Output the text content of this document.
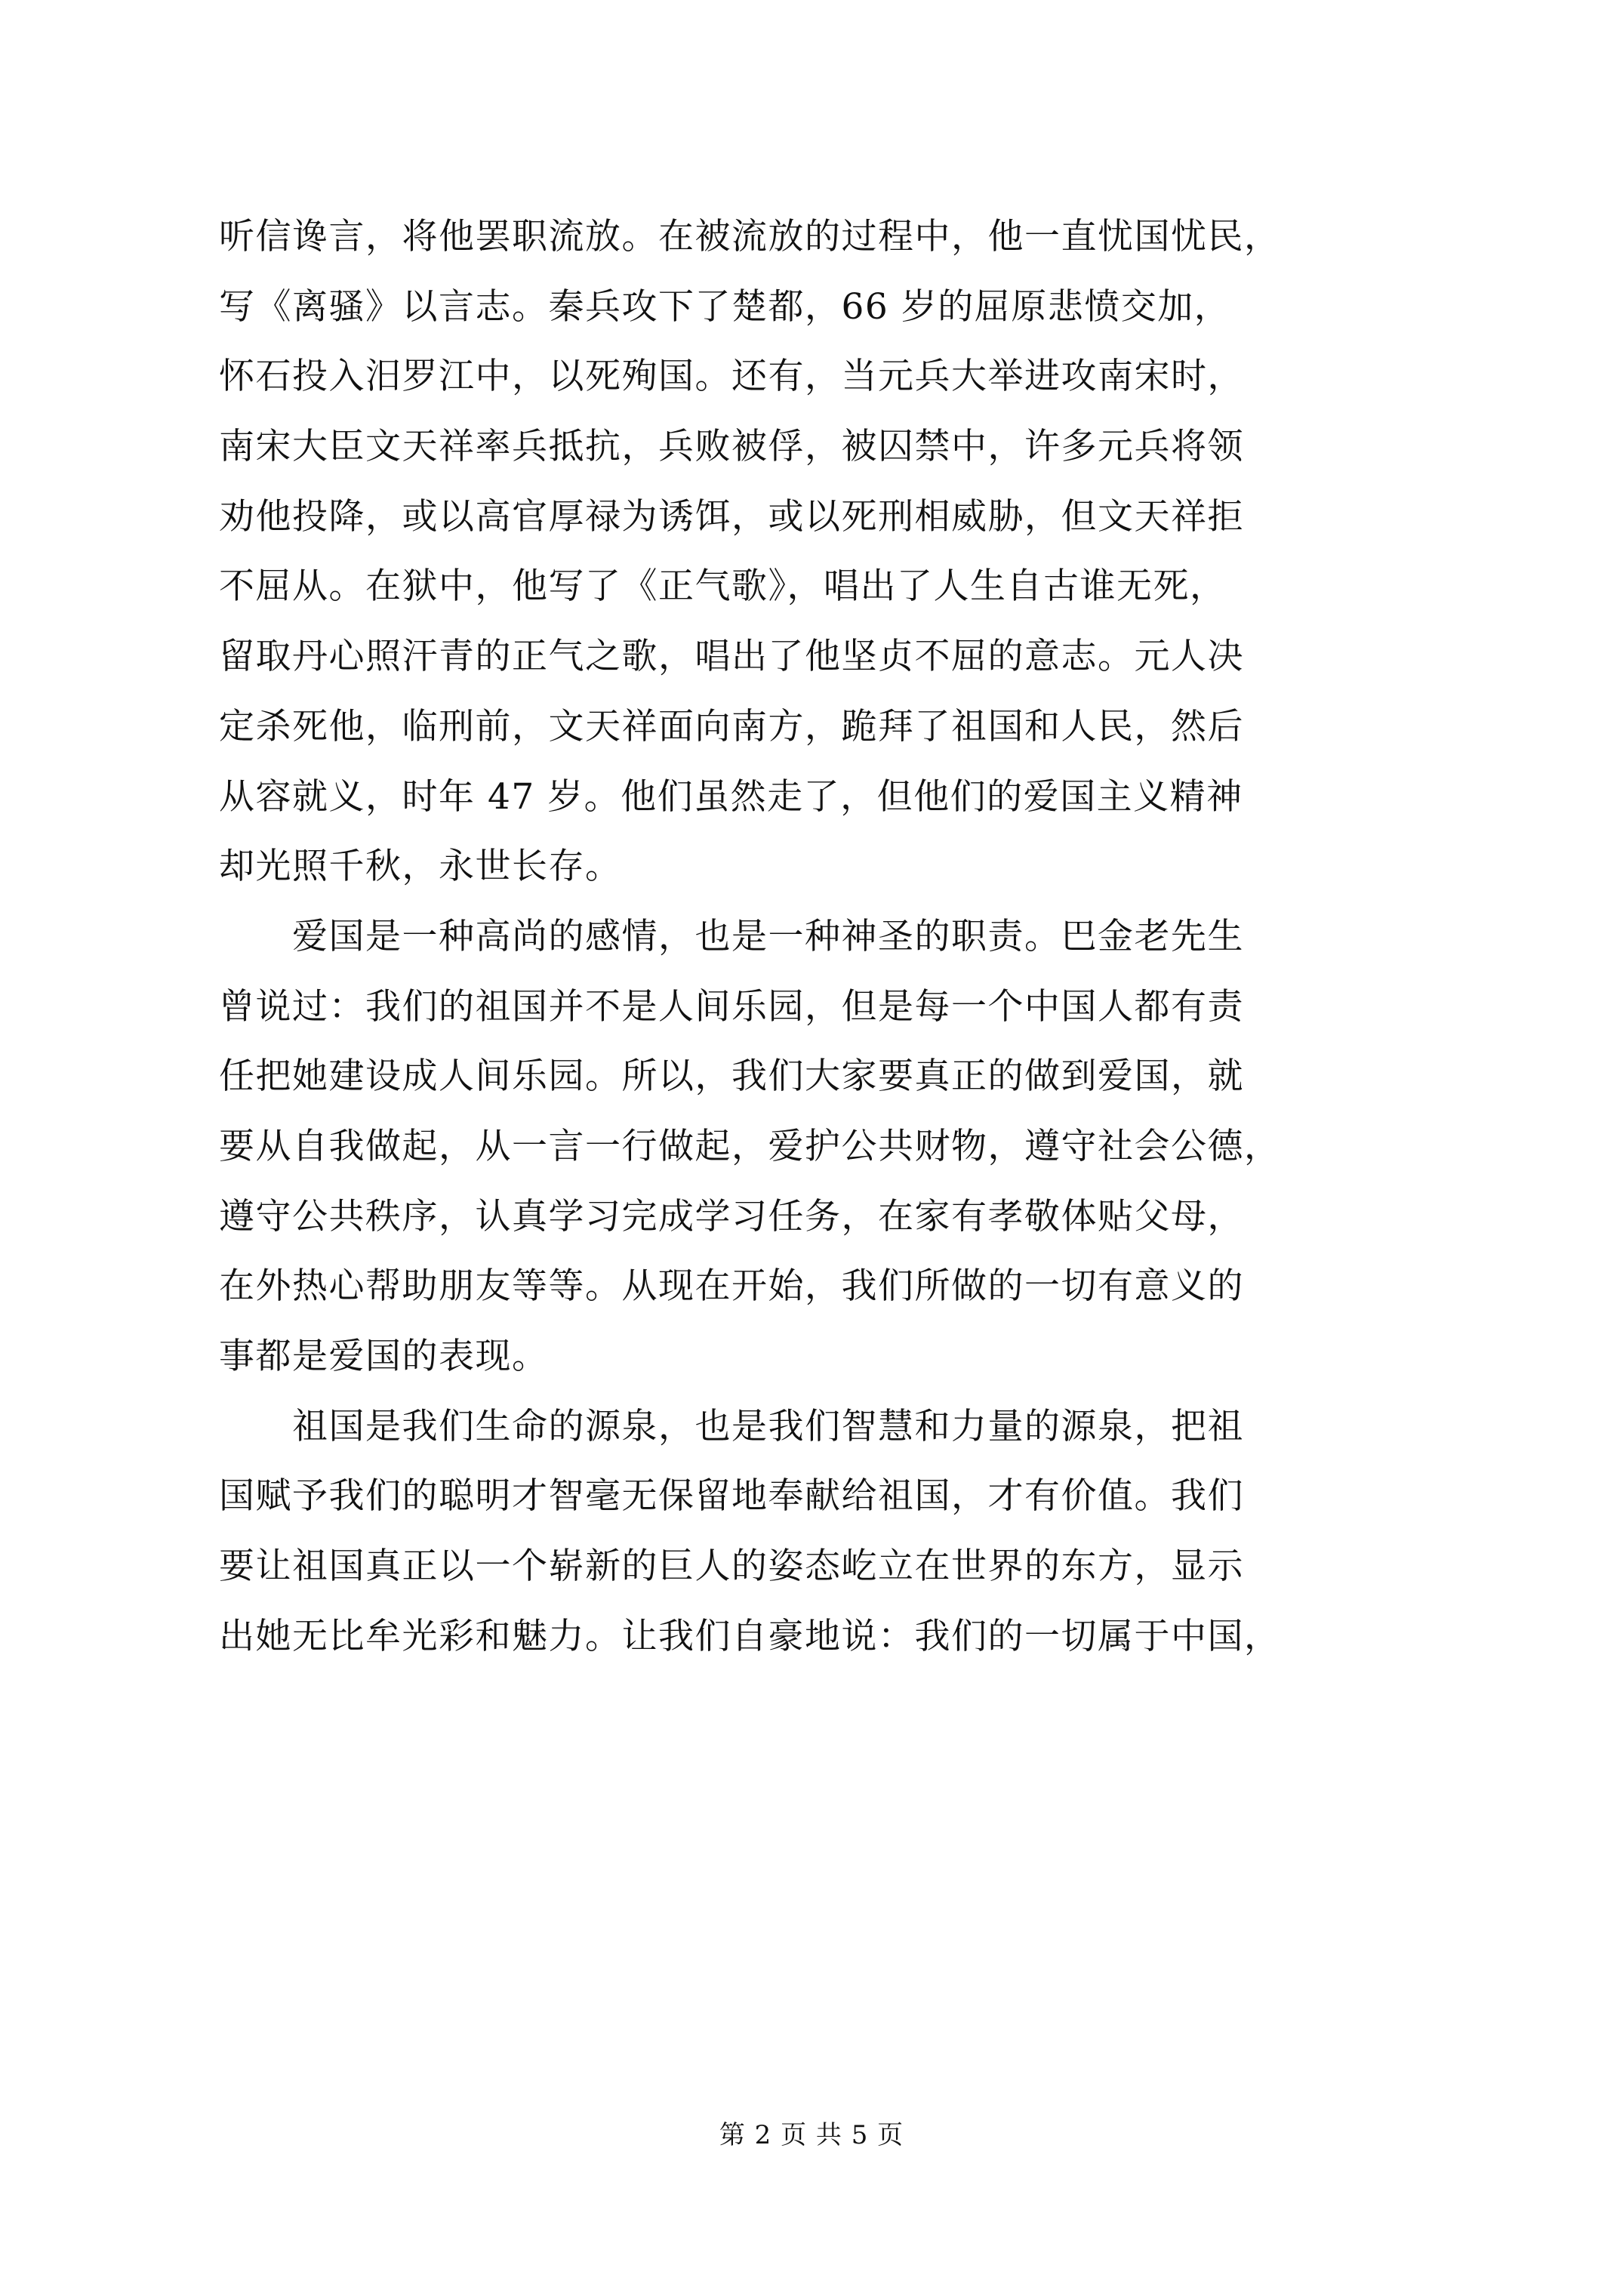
听信谗言，将他罢职流放。在被流放的过程中，他一直忧国忧民，
写《离骚》以言志。秦兵攻下了楚都，66 岁的屈原悲愤交加，
怀石投入汨罗江中，以死殉国。还有，当元兵大举进攻南宋时，
南宋大臣文天祥率兵抵抗，兵败被俘，被囚禁中，许多元兵将领
劝他投降，或以高官厚禄为诱饵，或以死刑相威胁，但文天祥拒
不屈从。在狱中，他写了《正气歌》，唱出了人生自古谁无死，
留取丹心照汗青的正气之歌，唱出了他坚贞不屈的意志。元人决
定杀死他，临刑前，文天祥面向南方，跪拜了祖国和人民，然后
从容就义，时年 47 岁。他们虽然走了，但他们的爱国主义精神
却光照千秋，永世长存。
　　爱国是一种高尚的感情，也是一种神圣的职责。巴金老先生
曾说过：我们的祖国并不是人间乐园，但是每一个中国人都有责
任把她建设成人间乐园。所以，我们大家要真正的做到爱国，就
要从自我做起，从一言一行做起，爱护公共财物，遵守社会公德，
遵守公共秩序，认真学习完成学习任务，在家有孝敬体贴父母，
在外热心帮助朋友等等。从现在开始，我们所做的一切有意义的
事都是爱国的表现。
　　祖国是我们生命的源泉，也是我们智慧和力量的源泉，把祖
国赋予我们的聪明才智毫无保留地奉献给祖国，才有价值。我们
要让祖国真正以一个崭新的巨人的姿态屹立在世界的东方，显示
出她无比牟光彩和魅力。让我们自豪地说：我们的一切属于中国，
第 2 页 共 5 页
